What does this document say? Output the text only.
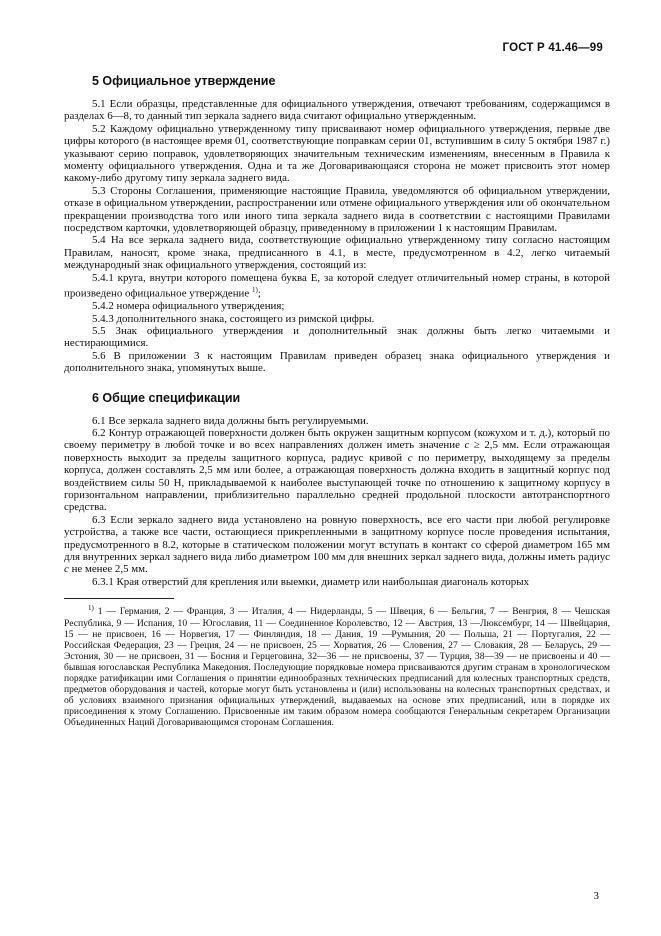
ГОСТ Р 41.46—99
5 Официальное утверждение

5.1 Если образцы, представленные для официального утверждения, отвечают требованиям, содержащимся в разделах 6—8, то данный тип зеркала заднего вида считают официально утвержденным.

5.2 Каждому официально утвержденному типу присваивают номер официального утверждения, первые две цифры которого (в настоящее время 01, соответствующие поправкам серии 01, вступившим в силу 5 октября 1987 г.) указывают серию поправок, удовлетворяющих значительным техническим изменениям, внесенным в Правила к моменту официального утверждения. Одна и та же Договаривающаяся сторона не может присвоить этот номер какому-либо другому типу зеркала заднего вида.

5.3 Стороны Соглашения, применяющие настоящие Правила, уведомляются об официальном утверждении, отказе в официальном утверждении, распространении или отмене официального утверждения или об окончательном прекращении производства того или иного типа зеркала заднего вида в соответствии с настоящими Правилами посредством карточки, удовлетворяющей образцу, приведенному в приложении 1 к настоящим Правилам.

5.4 На все зеркала заднего вида, соответствующие официально утвержденному типу согласно настоящим Правилам, наносят, кроме знака, предписанного в 4.1, в месте, предусмотренном в 4.2, легко читаемый международный знак официального утверждения, состоящий из:

5.4.1 круга, внутри которого помещена буква Е, за которой следует отличительный номер страны, в которой произведено официальное утверждение $^{1)}$;

5.4.2 номера официального утверждения;

5.4.3 дополнительного знака, состоящего из римской цифры.

5.5 Знак официального утверждения и дополнительный знак должны быть легко читаемыми и нестирающимися.

5.6 В приложении 3 к настоящим Правилам приведен образец знака официального утверждения и дополнительного знака, упомянутых выше.

6 Общие спецификации

6.1 Все зеркала заднего вида должны быть регулируемыми.

6.2 Контур отражающей поверхности должен быть окружен защитным корпусом (кожухом и т. д.), который по своему периметру в любой точке и во всех направлениях должен иметь значение c ≥ 2,5 мм. Если отражающая поверхность выходит за пределы защитного корпуса, радиус кривой c по периметру, выходящему за пределы корпуса, должен составлять 2,5 мм или более, а отражающая поверхность должна входить в защитный корпус под воздействием силы 50 Н, прикладываемой к наиболее выступающей точке по отношению к защитному корпусу в горизонтальном направлении, приблизительно параллельно средней продольной плоскости автотранспортного средства.

6.3 Если зеркало заднего вида установлено на ровную поверхность, все его части при любой регулировке устройства, а также все части, остающиеся прикрепленными в защитному корпусе после проведения испытания, предусмотренного в 8.2, которые в статическом положении могут вступать в контакт со сферой диаметром 165 мм для внутренних зеркал заднего вида либо диаметром 100 мм для внешних зеркал заднего вида, должны иметь радиус c не менее 2,5 мм.

6.3.1 Края отверстий для крепления или выемки, диаметр или наибольшая диагональ которых

$^{1)}$ 1 — Германия, 2 — Франция, 3 — Италия, 4 — Нидерланды, 5 — Швеция, 6 — Бельгия, 7 — Венгрия, 8 — Чешская Республика, 9 — Испания, 10 — Югославия, 11 — Соединенное Королевство, 12 — Австрия, 13 —Люксембург, 14 — Швейцария, 15 — не присвоен, 16 — Норвегия, 17 — Финляндия, 18 — Дания, 19 —Румыния, 20 — Польша, 21 — Португалия, 22 — Российская Федерация, 23 — Греция, 24 — не присвоен, 25 — Хорватия, 26 — Словения, 27 — Словакия, 28 — Беларусь, 29 — Эстония, 30 — не присвоен, 31 — Босния и Герцеговина, 32—36 — не присвоены, 37 — Турция, 38—39 — не присвоены и 40 — бывшая югославская Республика Македония. Последующие порядковые номера присваиваются другим странам в хронологическом порядке ратификации ими Соглашения о принятии единообразных технических предписаний для колесных транспортных средств, предметов оборудования и частей, которые могут быть установлены и (или) использованы на колесных транспортных средствах, и об условиях взаимного признания официальных утверждений, выдаваемых на основе этих предписаний, или в порядке их присоединения к этому Соглашению. Присвоенные им таким образом номера сообщаются Генеральным секретарем Организации Объединенных Наций Договаривающимся сторонам Соглашения.

3
